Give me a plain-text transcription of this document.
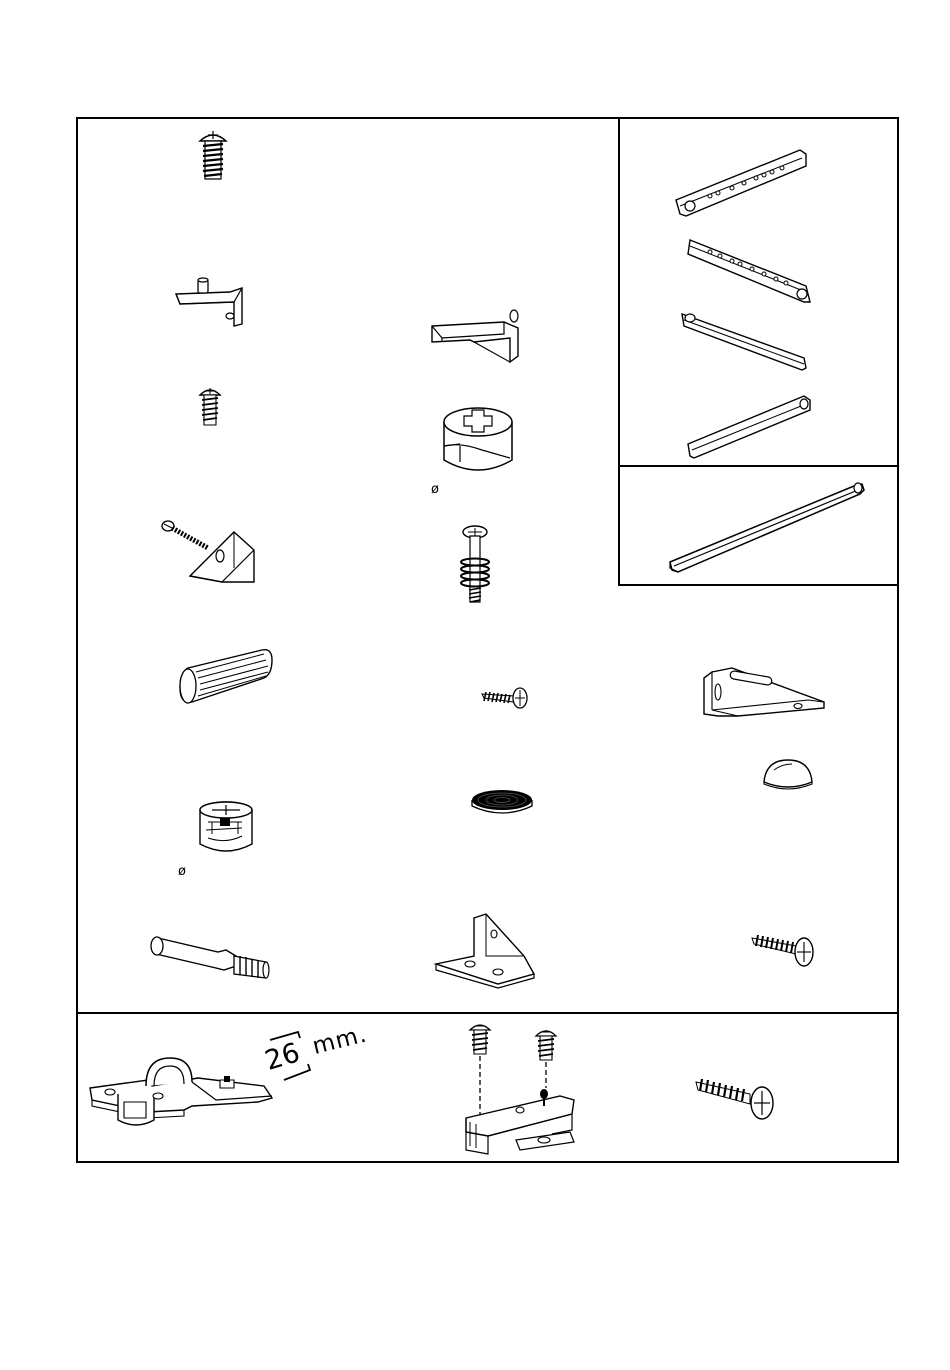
ø
ø
26 mm.
